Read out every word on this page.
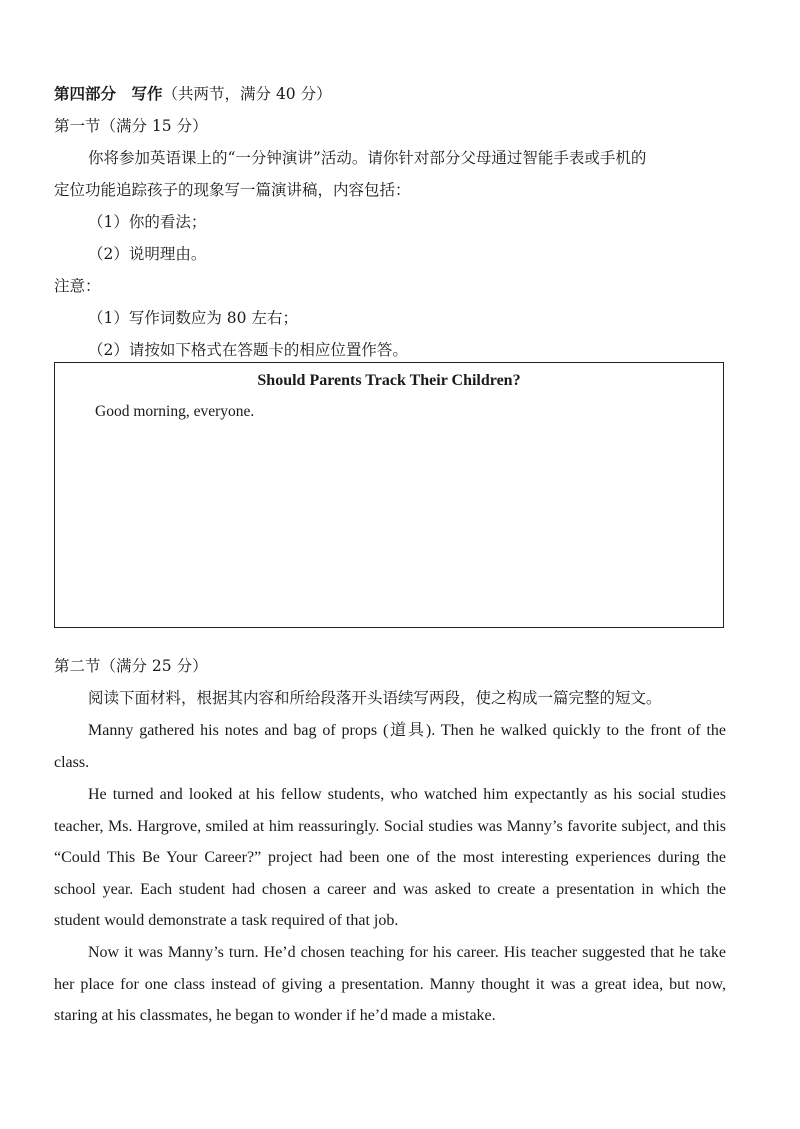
第四部分　写作（共两节，满分 40 分）
第一节（满分 15 分）
你将参加英语课上的“一分钟演讲”活动。请你针对部分父母通过智能手表或手机的
定位功能追踪孩子的现象写一篇演讲稿，内容包括：
（1）你的看法；
（2）说明理由。
注意：
（1）写作词数应为 80 左右；
（2）请按如下格式在答题卡的相应位置作答。
Should Parents Track Their Children?
Good morning, everyone.
第二节（满分 25 分）
阅读下面材料，根据其内容和所给段落开头语续写两段，使之构成一篇完整的短文。
Manny gathered his notes and bag of props (道具). Then he walked quickly to the front of the class.
He turned and looked at his fellow students, who watched him expectantly as his social studies teacher, Ms. Hargrove, smiled at him reassuringly. Social studies was Manny’s favorite subject, and this “Could This Be Your Career?” project had been one of the most interesting experiences during the school year. Each student had chosen a career and was asked to create a presentation in which the student would demonstrate a task required of that job.
Now it was Manny’s turn. He’d chosen teaching for his career. His teacher suggested that he take her place for one class instead of giving a presentation. Manny thought it was a great idea, but now, staring at his classmates, he began to wonder if he’d made a mistake.
